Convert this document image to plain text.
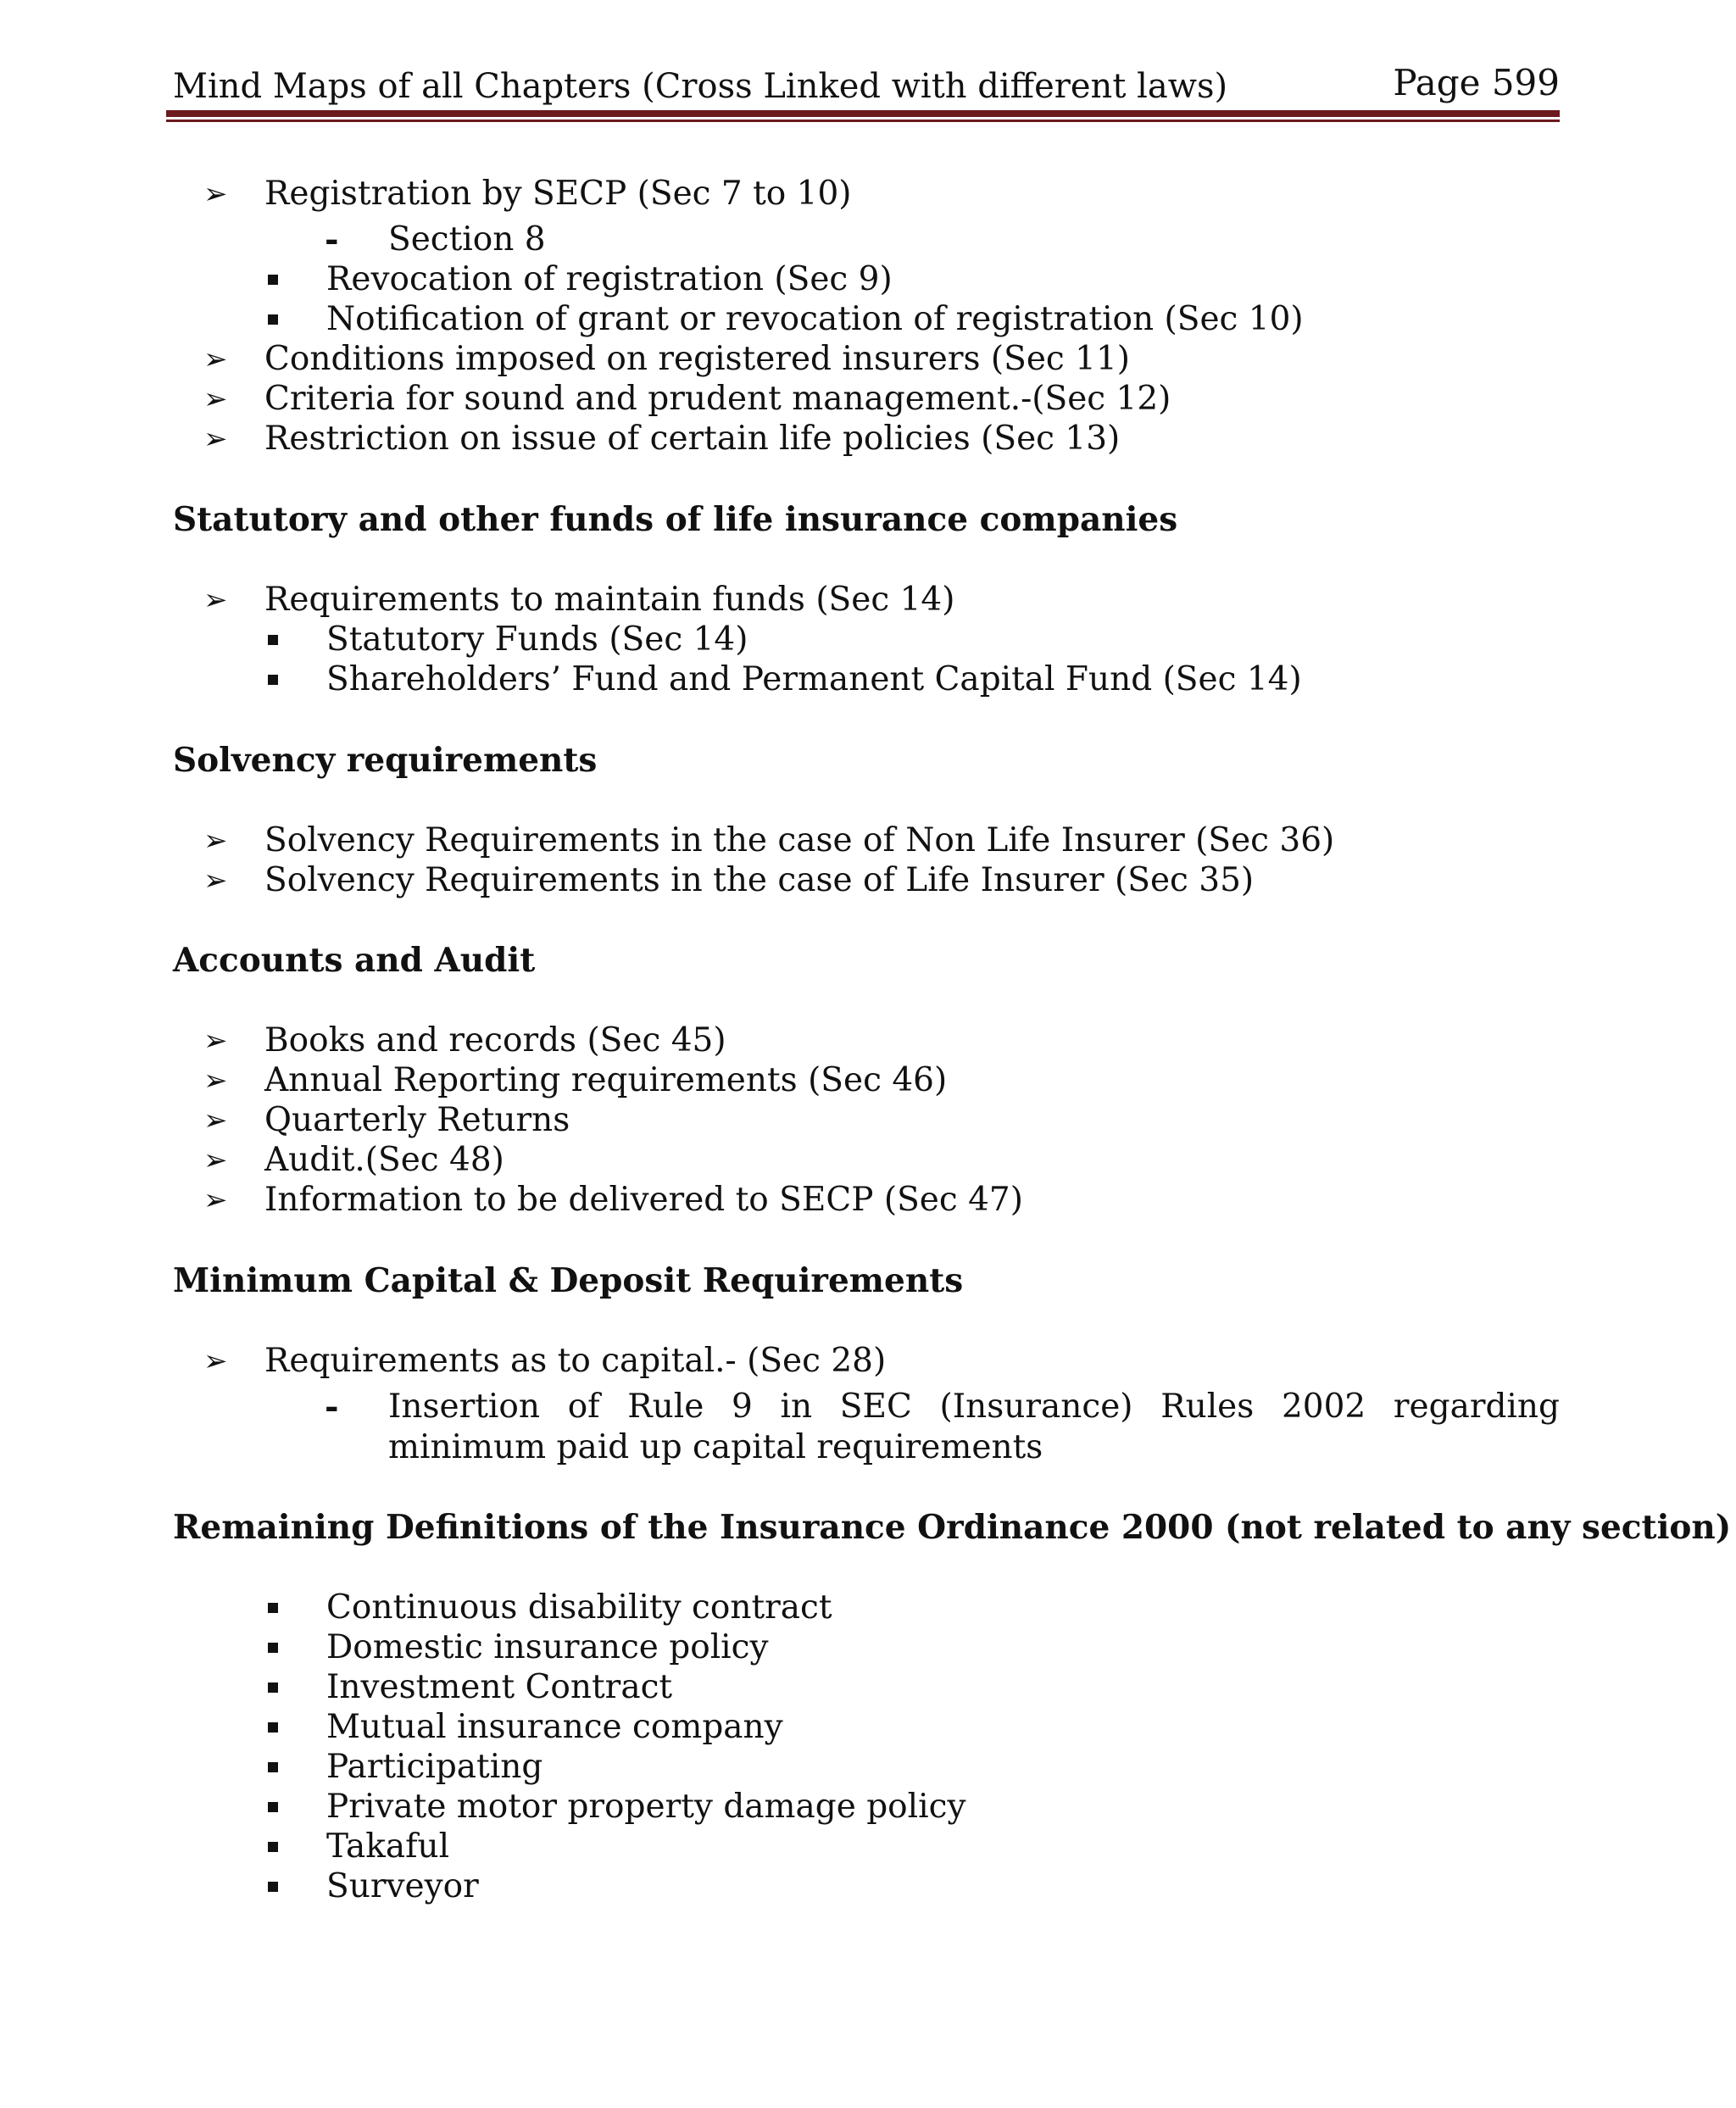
Mind Maps of all Chapters (Cross Linked with different laws)	Page 599
➢ Registration by SECP (Sec 7 to 10)
- Section 8
Revocation of registration (Sec 9)
Notification of grant or revocation of registration (Sec 10)
➢ Conditions imposed on registered insurers (Sec 11)
➢ Criteria for sound and prudent management.-(Sec 12)
➢ Restriction on issue of certain life policies (Sec 13)
Statutory and other funds of life insurance companies
➢ Requirements to maintain funds (Sec 14)
Statutory Funds (Sec 14)
Shareholders’ Fund and Permanent Capital Fund (Sec 14)
Solvency requirements
➢ Solvency Requirements in the case of Non Life Insurer (Sec 36)
➢ Solvency Requirements in the case of Life Insurer (Sec 35)
Accounts and Audit
➢ Books and records (Sec 45)
➢ Annual Reporting requirements (Sec 46)
➢ Quarterly Returns
➢ Audit.(Sec 48)
➢ Information to be delivered to SECP (Sec 47)
Minimum Capital & Deposit Requirements
➢ Requirements as to capital.- (Sec 28)
- Insertion of Rule 9 in SEC (Insurance) Rules 2002 regarding minimum paid up capital requirements
Remaining Definitions of the Insurance Ordinance 2000 (not related to any section)
Continuous disability contract
Domestic insurance policy
Investment Contract
Mutual insurance company
Participating
Private motor property damage policy
Takaful
Surveyor
